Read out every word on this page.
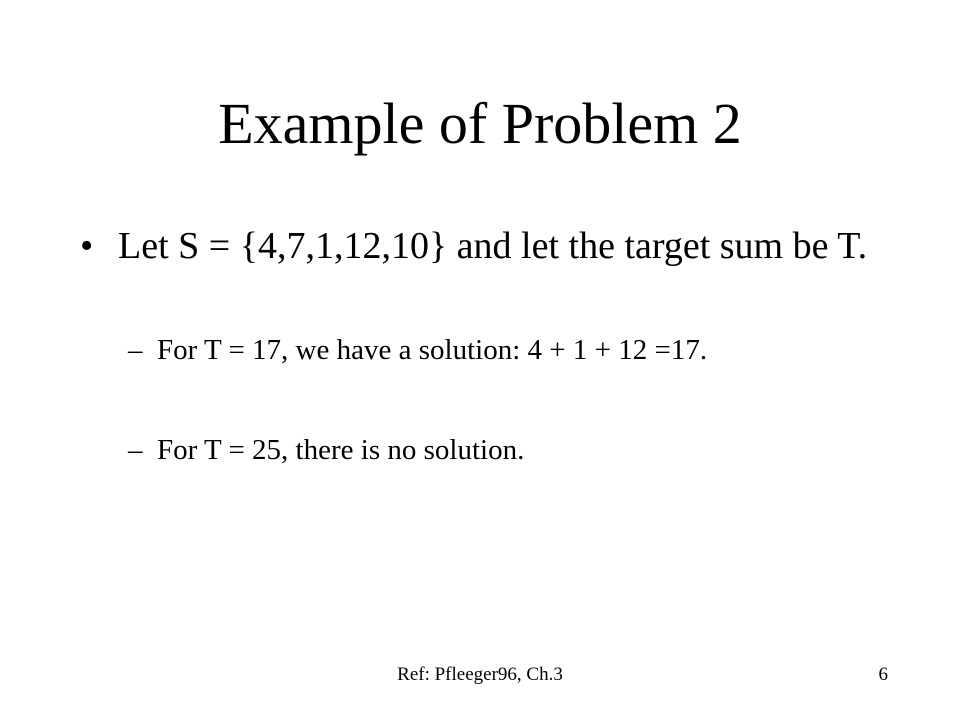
Example of Problem 2
• Let S = {4,7,1,12,10} and let the target sum be T.
– For T = 17, we have a solution: 4 + 1 + 12 =17.
– For T = 25, there is no solution.
Ref: Pfleeger96, Ch.3	6
